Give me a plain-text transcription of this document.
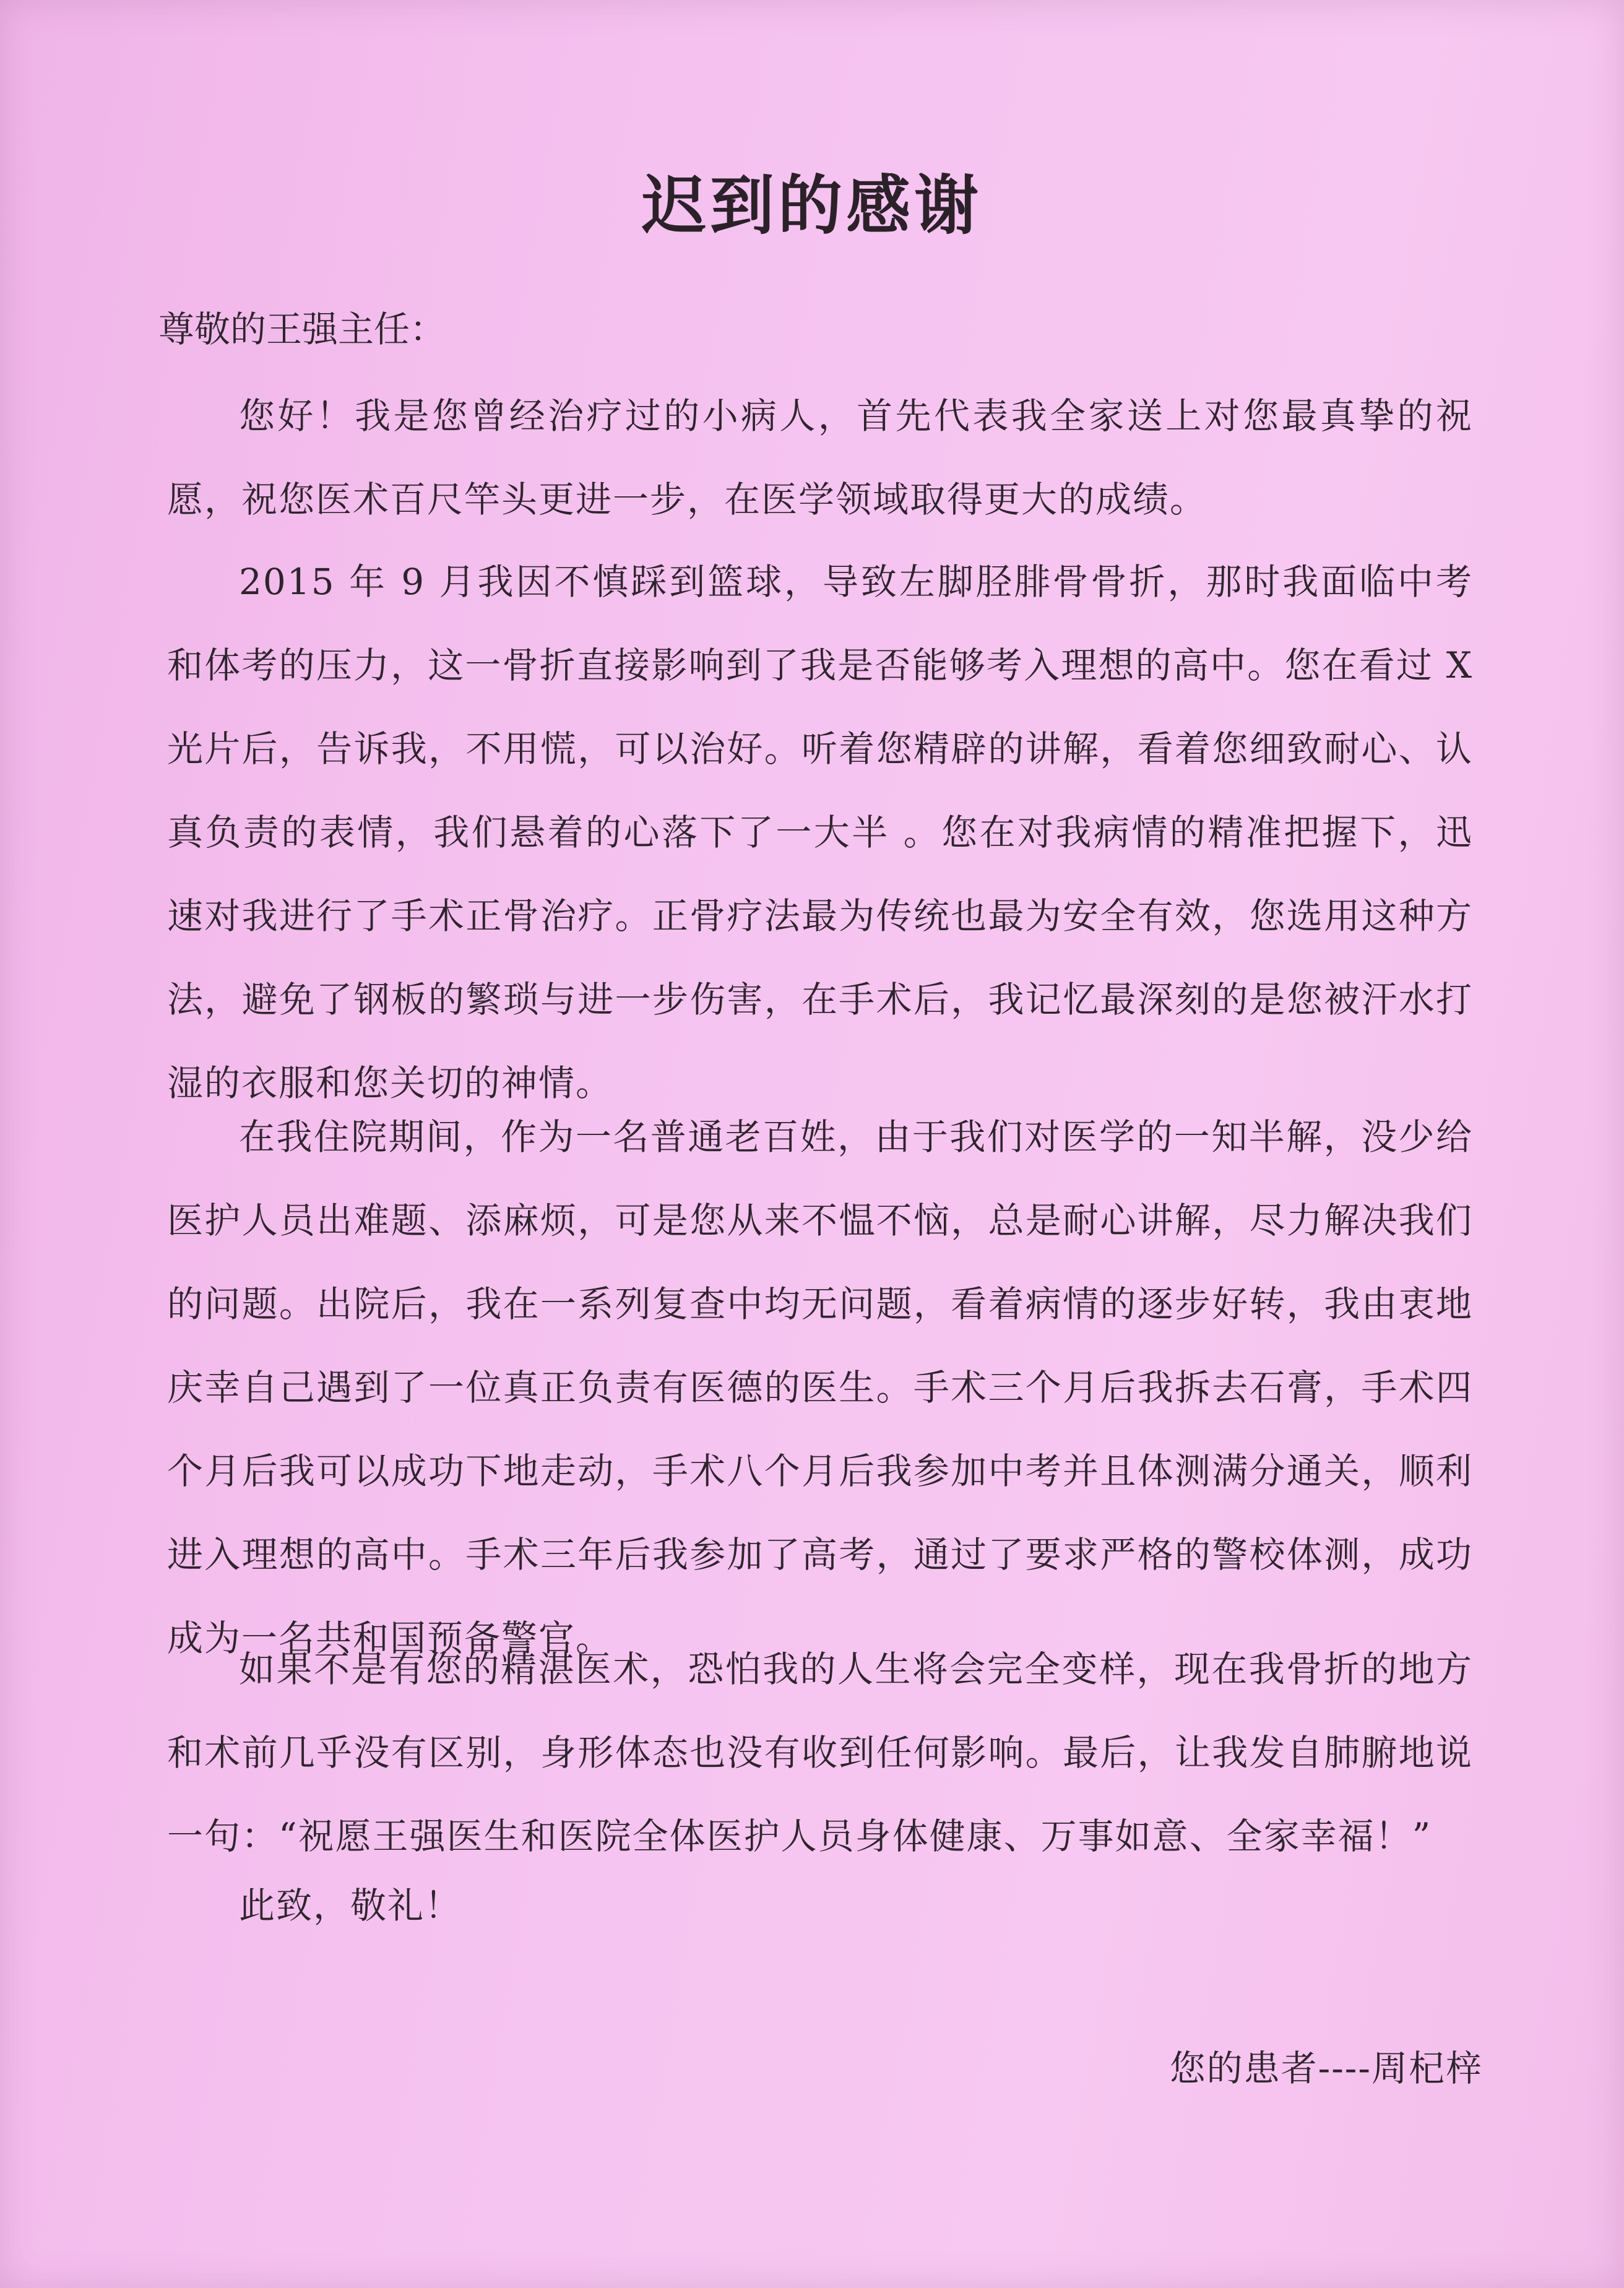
迟到的感谢
尊敬的王强主任：

您好！我是您曾经治疗过的小病人，首先代表我全家送上对您最真挚的祝愿，祝您医术百尺竿头更进一步，在医学领域取得更大的成绩。

2015 年 9 月我因不慎踩到篮球，导致左脚胫腓骨骨折，那时我面临中考和体考的压力，这一骨折直接影响到了我是否能够考入理想的高中。您在看过 X 光片后，告诉我，不用慌，可以治好。听着您精辟的讲解，看着您细致耐心、认真负责的表情，我们悬着的心落下了一大半 。您在对我病情的精准把握下，迅速对我进行了手术正骨治疗。正骨疗法最为传统也最为安全有效，您选用这种方法，避免了钢板的繁琐与进一步伤害，在手术后，我记忆最深刻的是您被汗水打湿的衣服和您关切的神情。

在我住院期间，作为一名普通老百姓，由于我们对医学的一知半解，没少给医护人员出难题、添麻烦，可是您从来不愠不恼，总是耐心讲解，尽力解决我们的问题。出院后，我在一系列复查中均无问题，看着病情的逐步好转，我由衷地庆幸自己遇到了一位真正负责有医德的医生。手术三个月后我拆去石膏，手术四个月后我可以成功下地走动，手术八个月后我参加中考并且体测满分通关，顺利进入理想的高中。手术三年后我参加了高考，通过了要求严格的警校体测，成功成为一名共和国预备警官。

如果不是有您的精湛医术，恐怕我的人生将会完全变样，现在我骨折的地方和术前几乎没有区别，身形体态也没有收到任何影响。最后，让我发自肺腑地说一句：“祝愿王强医生和医院全体医护人员身体健康、万事如意、全家幸福！”

此致，敬礼！
您的患者----周杞梓
